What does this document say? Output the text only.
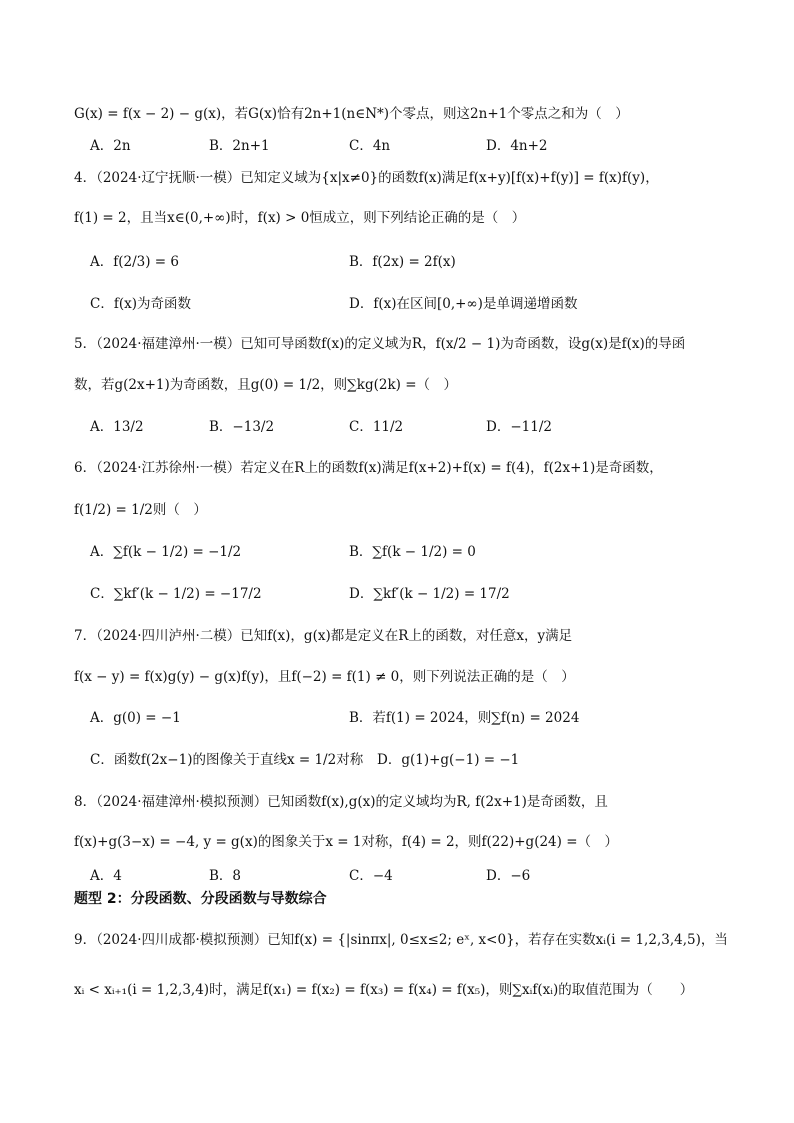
G(x) = f(x − 2) − g(x)，若G(x)恰有2n+1(n∈N*)个零点，则这2n+1个零点之和为（　）
A．2n	B．2n+1	C．4n	D．4n+2
4．（2024·辽宁抚顺·一模）已知定义域为{x|x≠0}的函数f(x)满足f(x+y)[f(x)+f(y)] = f(x)f(y)，
f(1) = 2，且当x∈(0,+∞)时，f(x) > 0恒成立，则下列结论正确的是（　）
A．f(2/3) = 6	B．f(2x) = 2f(x)
C．f(x)为奇函数	D．f(x)在区间[0,+∞)是单调递增函数
5．（2024·福建漳州·一模）已知可导函数f(x)的定义域为R，f(x/2 − 1)为奇函数，设g(x)是f(x)的导函
数，若g(2x+1)为奇函数，且g(0) = 1/2，则∑kg(2k) =（　）
A．13/2	B．−13/2	C．11/2	D．−11/2
6．（2024·江苏徐州·一模）若定义在R上的函数f(x)满足f(x+2)+f(x) = f(4)，f(2x+1)是奇函数，
f(1/2) = 1/2则（　）
A．∑f(k − 1/2) = −1/2	B．∑f(k − 1/2) = 0
C．∑kf′(k − 1/2) = −17/2	D．∑kf′(k − 1/2) = 17/2
7．（2024·四川泸州·二模）已知f(x)，g(x)都是定义在R上的函数，对任意x，y满足
f(x − y) = f(x)g(y) − g(x)f(y)，且f(−2) = f(1) ≠ 0，则下列说法正确的是（　）
A．g(0) = −1	B．若f(1) = 2024，则∑f(n) = 2024
C．函数f(2x−1)的图像关于直线x = 1/2对称 D．g(1)+g(−1) = −1
8．（2024·福建漳州·模拟预测）已知函数f(x),g(x)的定义域均为R, f(2x+1)是奇函数，且
f(x)+g(3−x) = −4, y = g(x)的图象关于x = 1对称，f(4) = 2，则f(22)+g(24) =（　）
A．4	B．8	C．−4	D．−6
题型 2：分段函数、分段函数与导数综合
9．（2024·四川成都·模拟预测）已知f(x) = {|sinπx|, 0≤x≤2; eˣ, x<0}，若存在实数xᵢ(i = 1,2,3,4,5)，当
xᵢ < xᵢ₊₁(i = 1,2,3,4)时，满足f(x₁) = f(x₂) = f(x₃) = f(x₄) = f(x₅)，则∑xᵢf(xᵢ)的取值范围为（　　）
